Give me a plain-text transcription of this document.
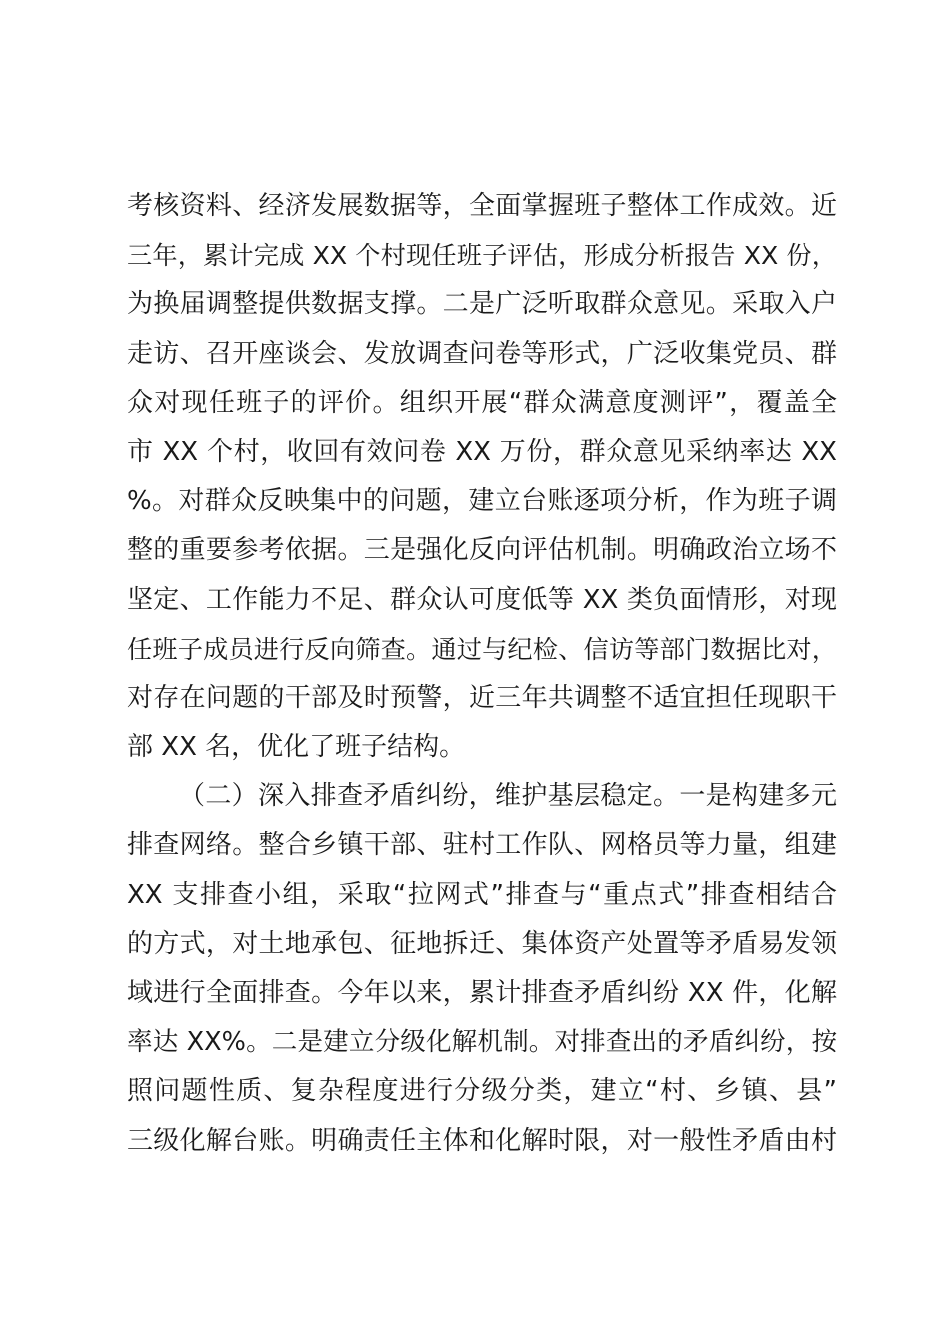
考核资料、经济发展数据等，全面掌握班子整体工作成效。近
三年，累计完成 XX 个村现任班子评估，形成分析报告 XX 份，
为换届调整提供数据支撑。二是广泛听取群众意见。采取入户
走访、召开座谈会、发放调查问卷等形式，广泛收集党员、群
众对现任班子的评价。组织开展“群众满意度测评”，覆盖全
市 XX 个村，收回有效问卷 XX 万份，群众意见采纳率达 XX
%。对群众反映集中的问题，建立台账逐项分析，作为班子调
整的重要参考依据。三是强化反向评估机制。明确政治立场不
坚定、工作能力不足、群众认可度低等 XX 类负面情形，对现
任班子成员进行反向筛查。通过与纪检、信访等部门数据比对，
对存在问题的干部及时预警，近三年共调整不适宜担任现职干
部 XX 名，优化了班子结构。
（二）深入排查矛盾纠纷，维护基层稳定。一是构建多元
排查网络。整合乡镇干部、驻村工作队、网格员等力量，组建
XX 支排查小组，采取“拉网式”排查与“重点式”排查相结合
的方式，对土地承包、征地拆迁、集体资产处置等矛盾易发领
域进行全面排查。今年以来，累计排查矛盾纠纷 XX 件，化解
率达 XX%。二是建立分级化解机制。对排查出的矛盾纠纷，按
照问题性质、复杂程度进行分级分类，建立“村、乡镇、县”
三级化解台账。明确责任主体和化解时限，对一般性矛盾由村
